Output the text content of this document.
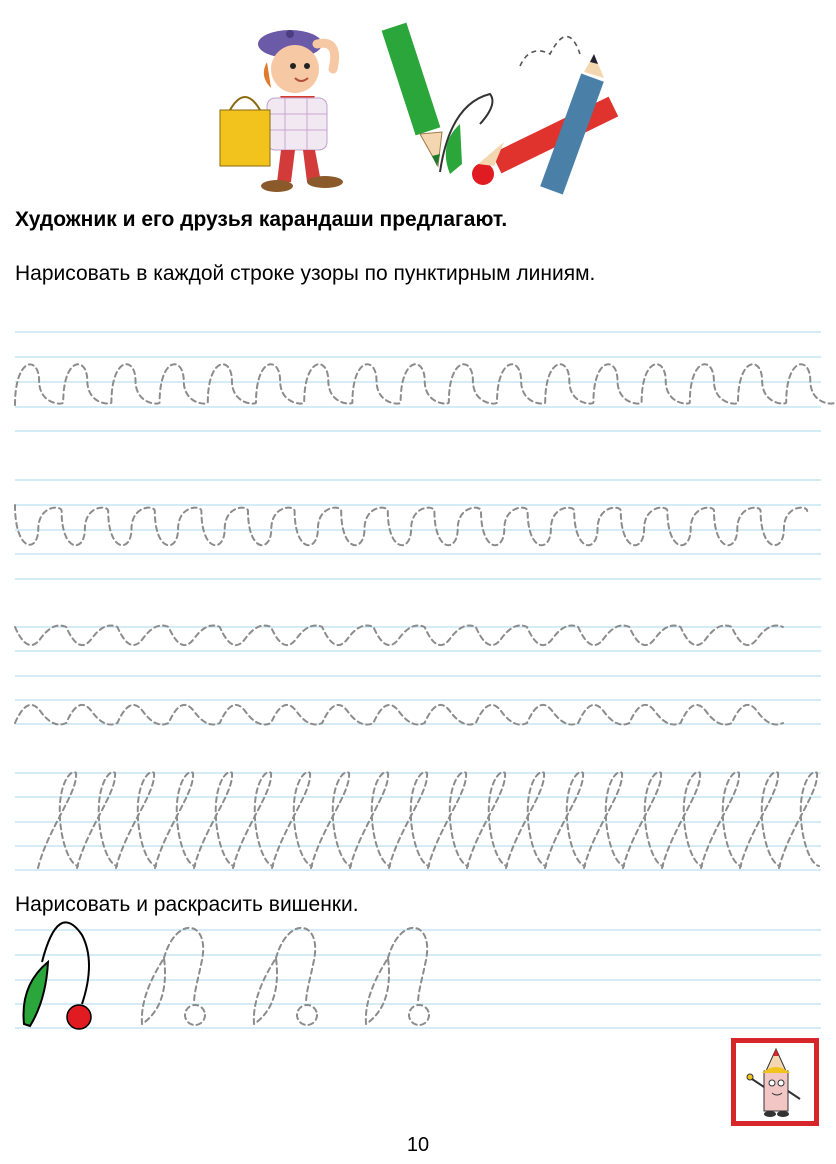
Художник и его друзья карандаши предлагают.
Нарисовать в каждой строке узоры по пунктирным линиям.
Нарисовать и раскрасить вишенки.
10
